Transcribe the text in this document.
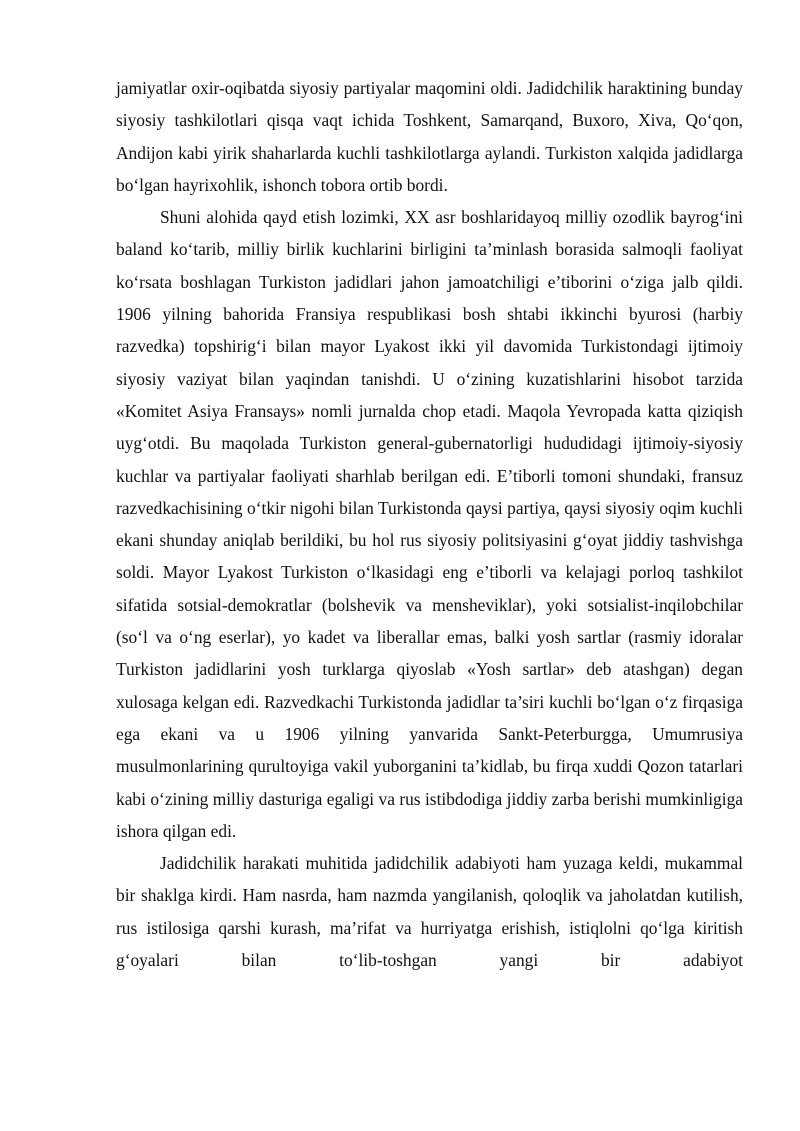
jamiyatlar oxir-oqibatda siyosiy partiyalar maqomini oldi. Jadidchilik haraktining bunday siyosiy tashkilotlari qisqa vaqt ichida Toshkent, Samarqand, Buxoro, Xiva, Qo‘qon, Andijon kabi yirik shaharlarda kuchli tashkilotlarga aylandi. Turkiston xalqida jadidlarga bo‘lgan hayrixohlik, ishonch tobora ortib bordi.

Shuni alohida qayd etish lozimki, XX asr boshlaridayoq milliy ozodlik bayrog‘ini baland ko‘tarib, milliy birlik kuchlarini birligini ta’minlash borasida salmoqli faoliyat ko‘rsata boshlagan Turkiston jadidlari jahon jamoatchiligi e’tiborini o‘ziga jalb qildi. 1906 yilning bahorida Fransiya respublikasi bosh shtabi ikkinchi byurosi (harbiy razvedka) topshirig‘i bilan mayor Lyakost ikki yil davomida Turkistondagi ijtimoiy siyosiy vaziyat bilan yaqindan tanishdi. U o‘zining kuzatishlarini hisobot tarzida «Komitet Asiya Fransays» nomli jurnalda chop etadi. Maqola Yevropada katta qiziqish uyg‘otdi. Bu maqolada Turkiston general-gubernatorligi hududidagi ijtimoiy-siyosiy kuchlar va partiyalar faoliyati sharhlab berilgan edi. E’tiborli tomoni shundaki, fransuz razvedkachisining o‘tkir nigohi bilan Turkistonda qaysi partiya, qaysi siyosiy oqim kuchli ekani shunday aniqlab berildiki, bu hol rus siyosiy politsiyasini g‘oyat jiddiy tashvishga soldi. Mayor Lyakost Turkiston o‘lkasidagi eng e’tiborli va kelajagi porloq tashkilot sifatida sotsial-demokratlar (bolshevik va mensheviklar), yoki sotsialist-inqilobchilar (so‘l va o‘ng eserlar), yo kadet va liberallar emas, balki yosh sartlar (rasmiy idoralar Turkiston jadidlarini yosh turklarga qiyoslab «Yosh sartlar» deb atashgan) degan xulosaga kelgan edi. Razvedkachi Turkistonda jadidlar ta’siri kuchli bo‘lgan o‘z firqasiga ega ekani va u 1906 yilning yanvarida Sankt-Peterburgga, Umumrusiya musulmonlarining qurultoyiga vakil yuborganini ta’kidlab, bu firqa xuddi Qozon tatarlari kabi o‘zining milliy dasturiga egaligi va rus istibdodiga jiddiy zarba berishi mumkinligiga ishora qilgan edi.

Jadidchilik harakati muhitida jadidchilik adabiyoti ham yuzaga keldi, mukammal bir shaklga kirdi. Ham nasrda, ham nazmda yangilanish, qoloqlik va jaholatdan kutilish, rus istilosiga qarshi kurash, ma’rifat va hurriyatga erishish, istiqlolni qo‘lga kiritish g‘oyalari bilan to‘lib-toshgan yangi bir adabiyot
